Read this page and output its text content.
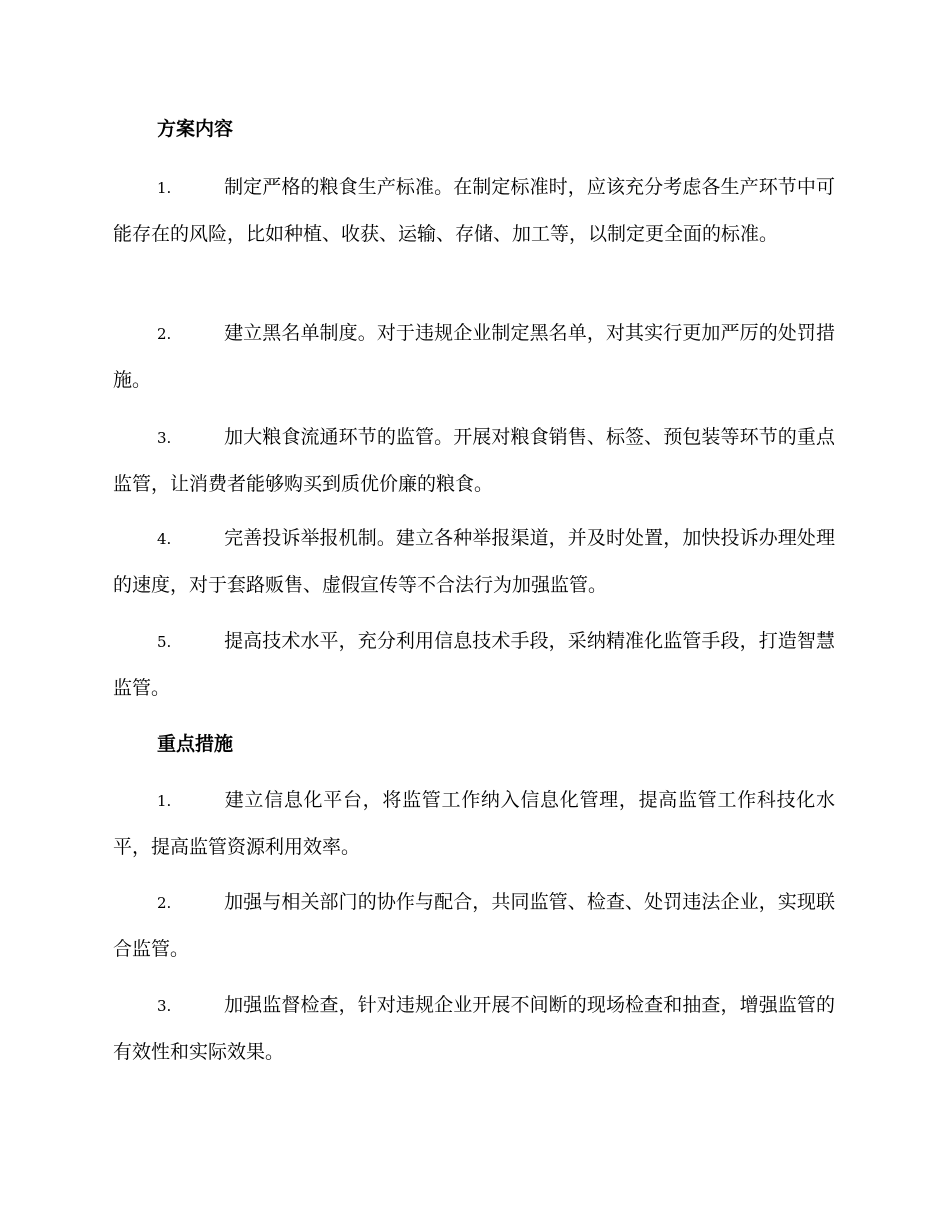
方案内容

1.	制定严格的粮食生产标准。在制定标准时，应该充分考虑各生产环节中可能存在的风险，比如种植、收获、运输、存储、加工等，以制定更全面的标准。

2.	建立黑名单制度。对于违规企业制定黑名单，对其实行更加严厉的处罚措施。

3.	加大粮食流通环节的监管。开展对粮食销售、标签、预包装等环节的重点监管，让消费者能够购买到质优价廉的粮食。

4.	完善投诉举报机制。建立各种举报渠道，并及时处置，加快投诉办理处理的速度，对于套路贩售、虚假宣传等不合法行为加强监管。

5.	提高技术水平，充分利用信息技术手段，采纳精准化监管手段，打造智慧监管。

重点措施

1.	建立信息化平台，将监管工作纳入信息化管理，提高监管工作科技化水平，提高监管资源利用效率。

2.	加强与相关部门的协作与配合，共同监管、检查、处罚违法企业，实现联合监管。

3.	加强监督检查，针对违规企业开展不间断的现场检查和抽查，增强监管的有效性和实际效果。
